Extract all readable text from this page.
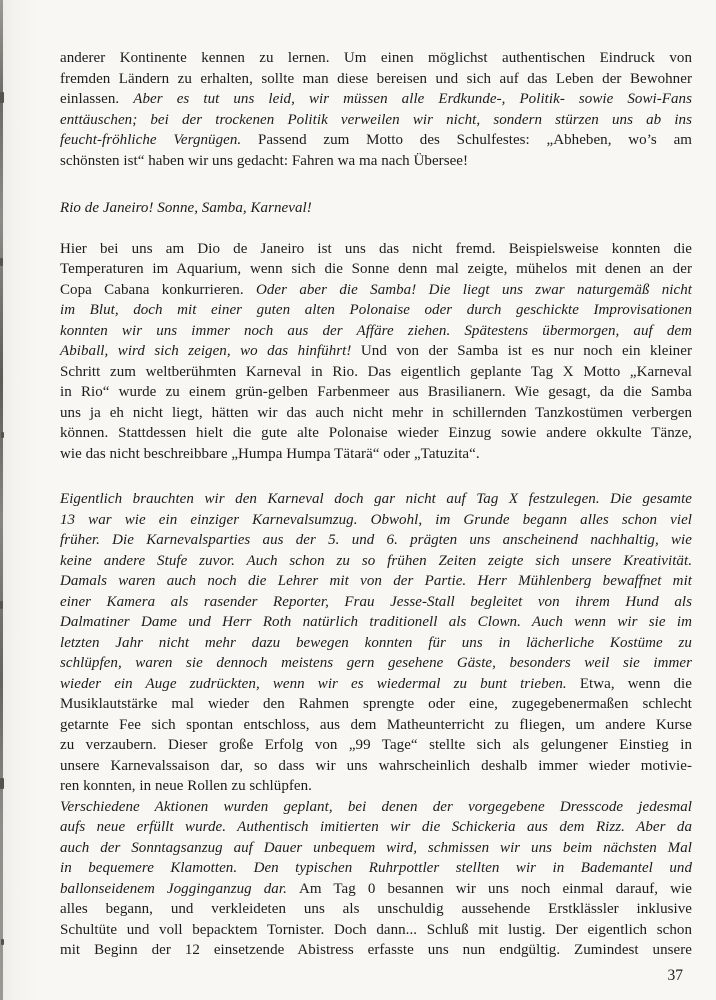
anderer Kontinente kennen zu lernen. Um einen möglichst authentischen Eindruck von
fremden Ländern zu erhalten, sollte man diese bereisen und sich auf das Leben der Bewohner
einlassen. Aber es tut uns leid, wir müssen alle Erdkunde-, Politik- sowie Sowi-Fans
enttäuschen; bei der trockenen Politik verweilen wir nicht, sondern stürzen uns ab ins
feucht-fröhliche Vergnügen. Passend zum Motto des Schulfestes: „Abheben, wo’s am
schönsten ist“ haben wir uns gedacht: Fahren wa ma nach Übersee!

Rio de Janeiro! Sonne, Samba, Karneval!

Hier bei uns am Dio de Janeiro ist uns das nicht fremd. Beispielsweise konnten die
Temperaturen im Aquarium, wenn sich die Sonne denn mal zeigte, mühelos mit denen an der
Copa Cabana konkurrieren. Oder aber die Samba! Die liegt uns zwar naturgemäß nicht
im Blut, doch mit einer guten alten Polonaise oder durch geschickte Improvisationen
konnten wir uns immer noch aus der Affäre ziehen. Spätestens übermorgen, auf dem
Abiball, wird sich zeigen, wo das hinführt! Und von der Samba ist es nur noch ein kleiner
Schritt zum weltberühmten Karneval in Rio. Das eigentlich geplante Tag X Motto „Karneval
in Rio“ wurde zu einem grün-gelben Farbenmeer aus Brasilianern. Wie gesagt, da die Samba
uns ja eh nicht liegt, hätten wir das auch nicht mehr in schillernden Tanzkostümen verbergen
können. Stattdessen hielt die gute alte Polonaise wieder Einzug sowie andere okkulte Tänze,
wie das nicht beschreibbare „Humpa Humpa Tätarä“ oder „Tatuzita“.

Eigentlich brauchten wir den Karneval doch gar nicht auf Tag X festzulegen. Die gesamte
13 war wie ein einziger Karnevalsumzug. Obwohl, im Grunde begann alles schon viel
früher. Die Karnevalsparties aus der 5. und 6. prägten uns anscheinend nachhaltig, wie
keine andere Stufe zuvor. Auch schon zu so frühen Zeiten zeigte sich unsere Kreativität.
Damals waren auch noch die Lehrer mit von der Partie. Herr Mühlenberg bewaffnet mit
einer Kamera als rasender Reporter, Frau Jesse-Stall begleitet von ihrem Hund als
Dalmatiner Dame und Herr Roth natürlich traditionell als Clown. Auch wenn wir sie im
letzten Jahr nicht mehr dazu bewegen konnten für uns in lächerliche Kostüme zu
schlüpfen, waren sie dennoch meistens gern gesehene Gäste, besonders weil sie immer
wieder ein Auge zudrückten, wenn wir es wiedermal zu bunt trieben. Etwa, wenn die
Musiklautstärke mal wieder den Rahmen sprengte oder eine, zugegebenermaßen schlecht
getarnte Fee sich spontan entschloss, aus dem Matheunterricht zu fliegen, um andere Kurse
zu verzaubern. Dieser große Erfolg von „99 Tage“ stellte sich als gelungener Einstieg in
unsere Karnevalssaison dar, so dass wir uns wahrscheinlich deshalb immer wieder motivie-
ren konnten, in neue Rollen zu schlüpfen.

Verschiedene Aktionen wurden geplant, bei denen der vorgegebene Dresscode jedesmal
aufs neue erfüllt wurde. Authentisch imitierten wir die Schickeria aus dem Rizz. Aber da
auch der Sonntagsanzug auf Dauer unbequem wird, schmissen wir uns beim nächsten Mal
in bequemere Klamotten. Den typischen Ruhrpottler stellten wir in Bademantel und
ballonseidenem Jogginganzug dar. Am Tag 0 besannen wir uns noch einmal darauf, wie
alles begann, und verkleideten uns als unschuldig aussehende Erstklässler inklusive
Schultüte und voll bepacktem Tornister. Doch dann... Schluß mit lustig. Der eigentlich schon
mit Beginn der 12 einsetzende Abistress erfasste uns nun endgültig. Zumindest unsere

37
